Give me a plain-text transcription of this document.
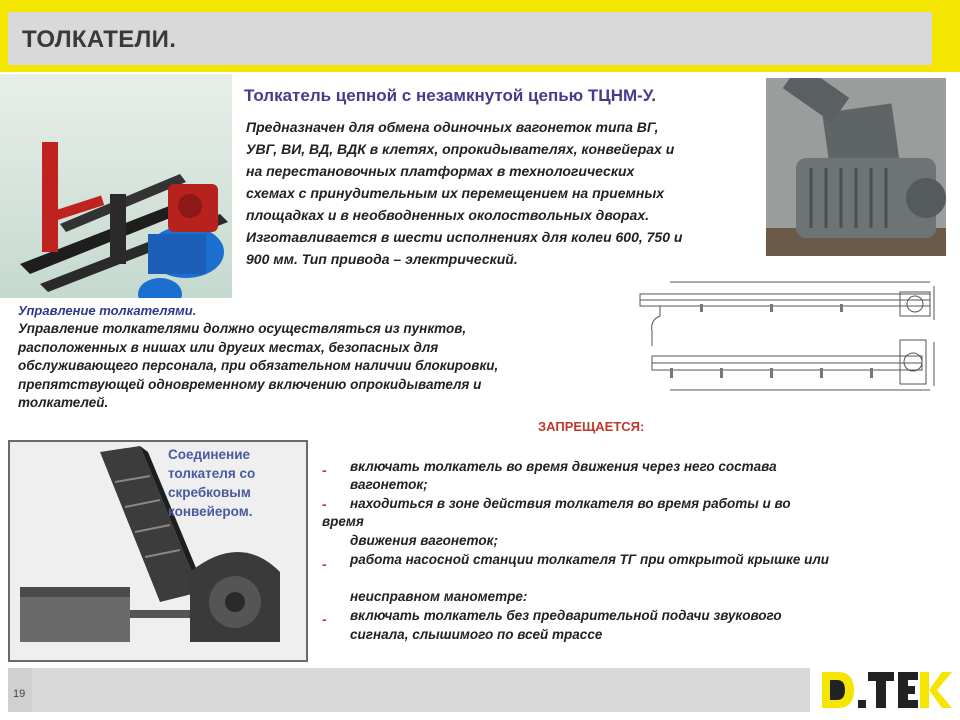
ТОЛКАТЕЛИ.
Толкатель цепной с незамкнутой цепью ТЦНМ-У.
Предназначен для обмена одиночных вагонеток типа ВГ,
УВГ, ВИ, ВД, ВДК в клетях, опрокидывателях, конвейерах и
на перестановочных платформах в технологических
схемах с принудительным их перемещением на приемных
площадках и в необводненных околоствольных дворах.
Изготавливается в шести исполнениях для колеи 600, 750 и
900 мм. Тип привода – электрический.
Управление толкателями.
Управление толкателями должно осуществляться из пунктов,
расположенных в нишах или других местах, безопасных для
обслуживающего персонала, при обязательном наличии блокировки,
препятствующей одновременному включению опрокидывателя и
толкателей.
Соединение толкателя со скребковым конвейером.
ЗАПРЕЩАЕТСЯ:
- включать толкатель во время движения через него состава
вагонеток;
- находиться в зоне действия толкателя во время работы и во
время
движения вагонеток;
- работа насосной станции толкателя ТГ при открытой крышке или
неисправном манометре:
- включать толкатель без предварительной подачи звукового
сигнала, слышимого по всей трассе
19
